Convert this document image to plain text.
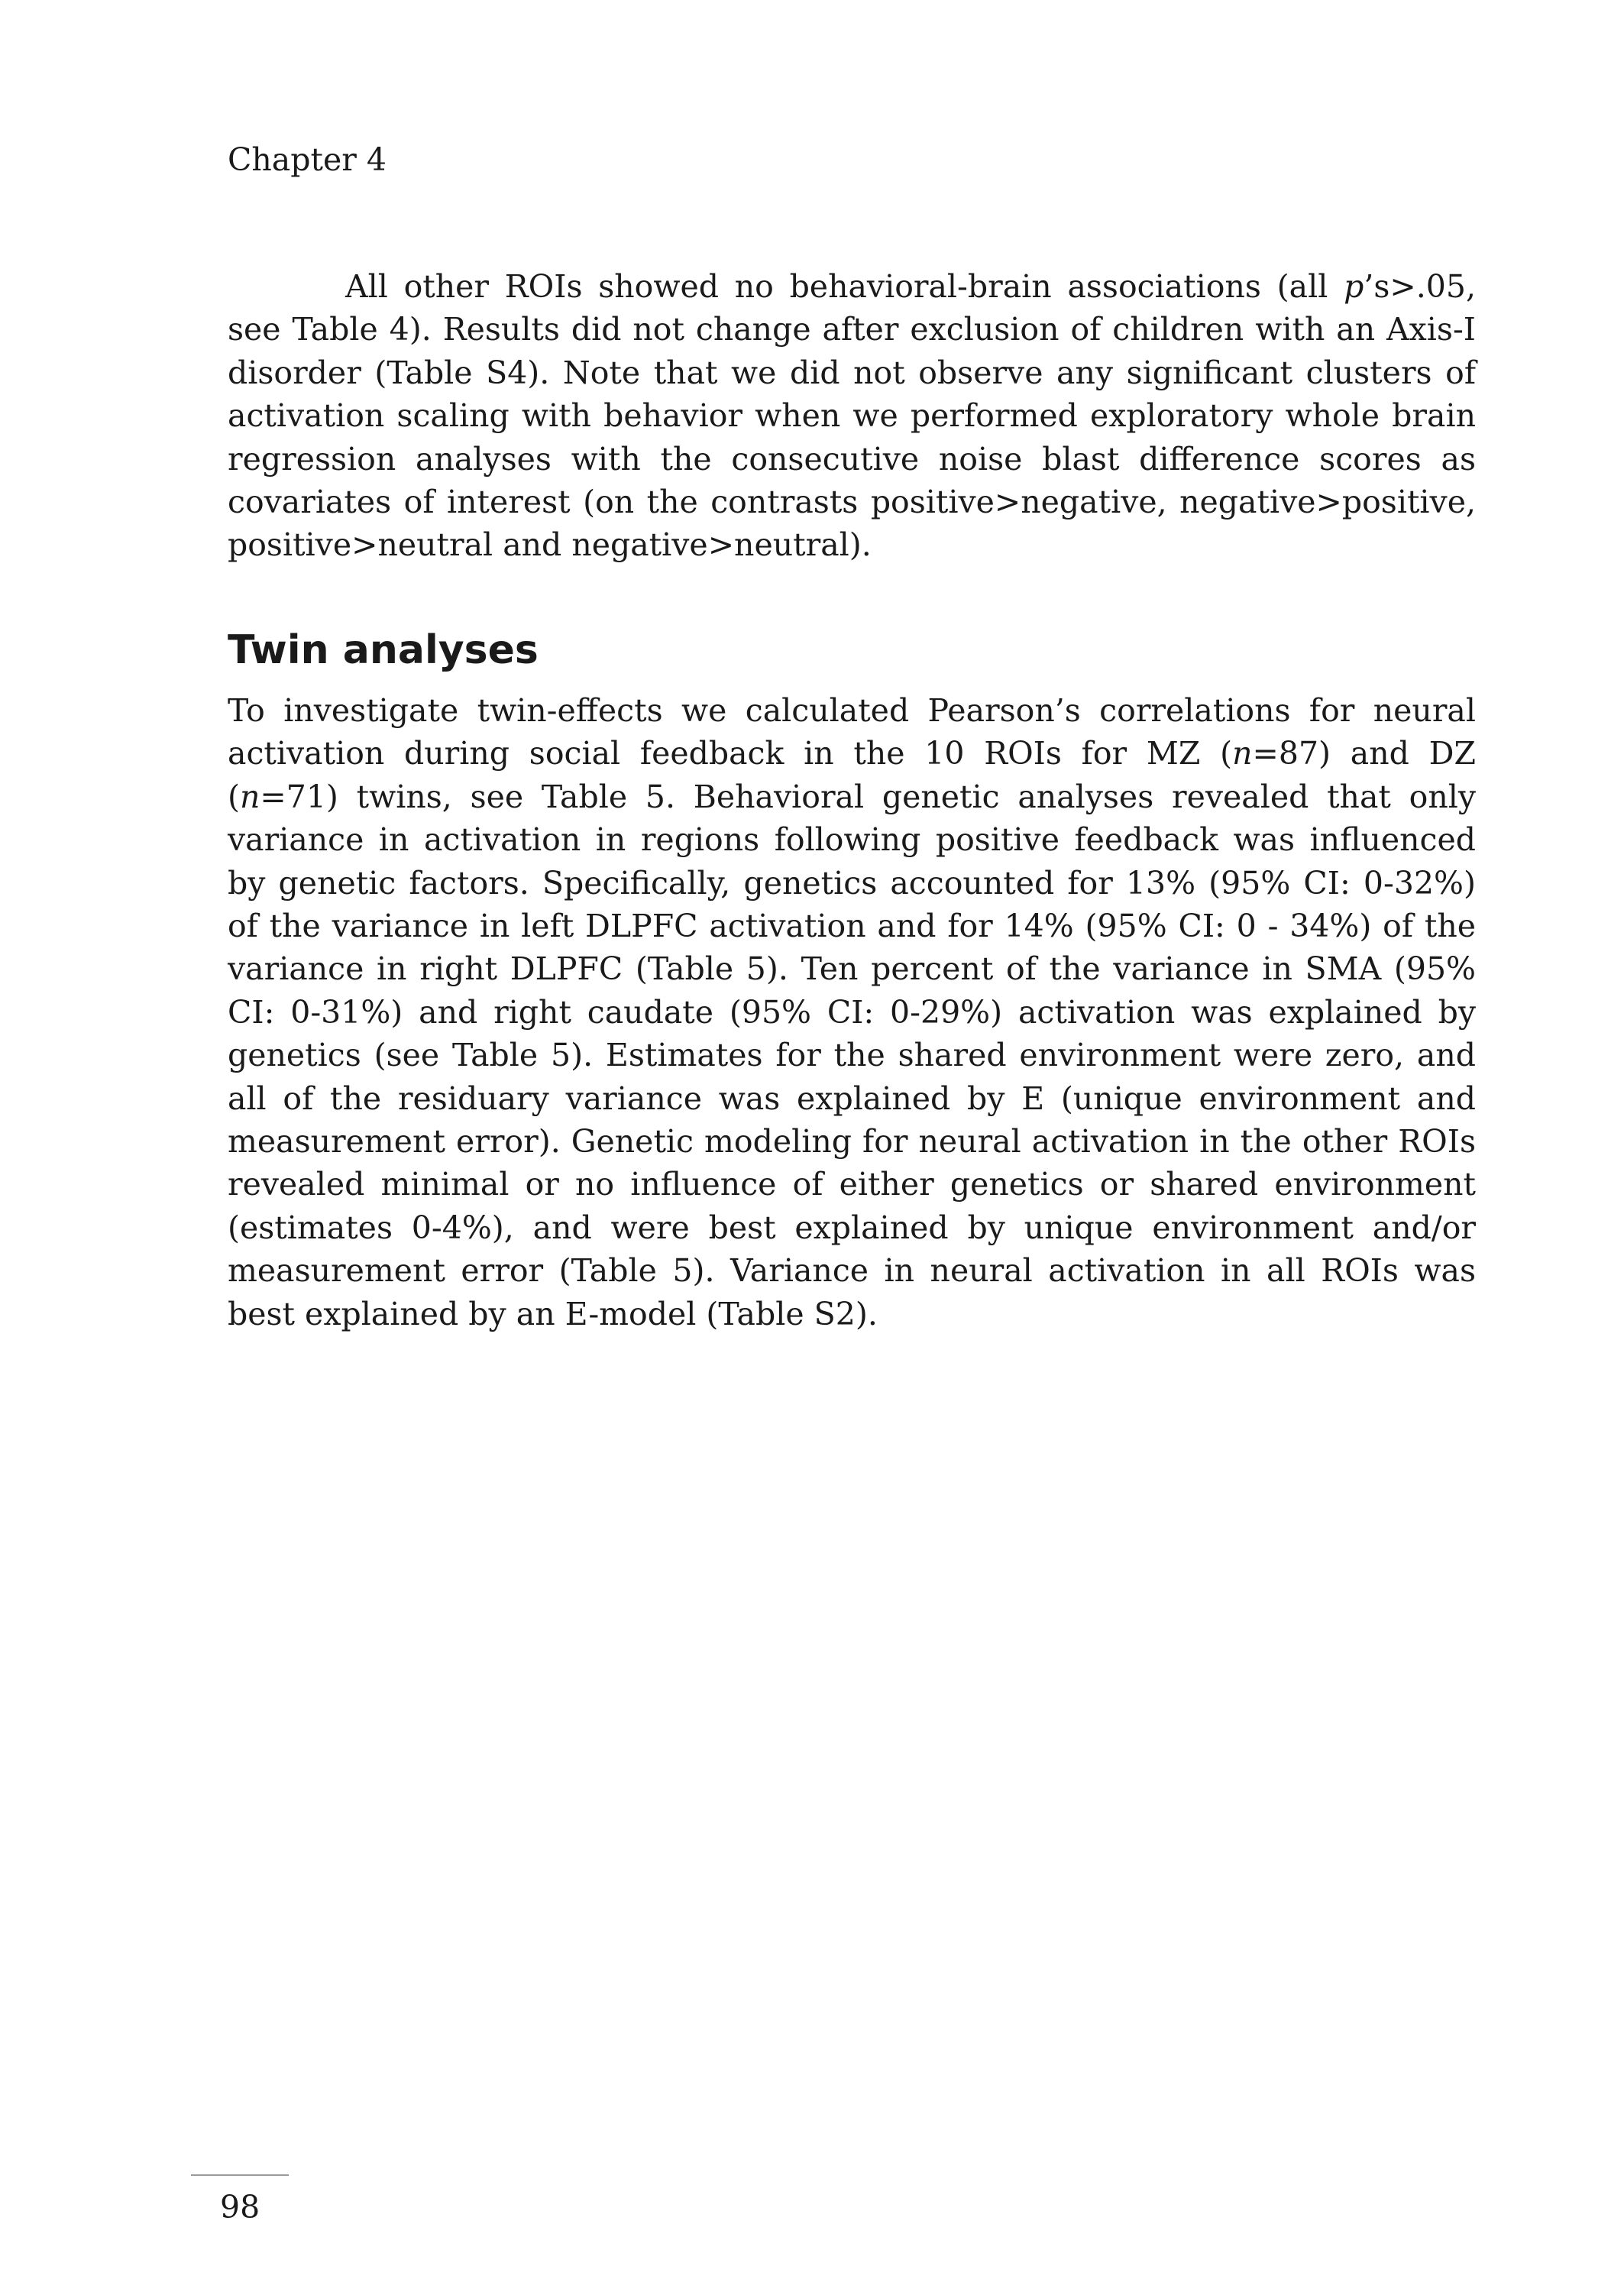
Chapter 4

All other ROIs showed no behavioral-brain associations (all p’s>.05, see Table 4). Results did not change after exclusion of children with an Axis-I disorder (Table S4). Note that we did not observe any significant clusters of activation scaling with behavior when we performed exploratory whole brain regression analyses with the consecutive noise blast difference scores as covariates of interest (on the contrasts positive>negative, negative>positive, positive>neutral and negative>neutral).

Twin analyses

To investigate twin-effects we calculated Pearson’s correlations for neural activation during social feedback in the 10 ROIs for MZ (n=87) and DZ (n=71) twins, see Table 5. Behavioral genetic analyses revealed that only variance in activation in regions following positive feedback was influenced by genetic factors. Specifically, genetics accounted for 13% (95% CI: 0-32%) of the variance in left DLPFC activation and for 14% (95% CI: 0 - 34%) of the variance in right DLPFC (Table 5). Ten percent of the variance in SMA (95% CI: 0-31%) and right caudate (95% CI: 0-29%) activation was explained by genetics (see Table 5). Estimates for the shared environment were zero, and all of the residuary variance was explained by E (unique environment and measurement error). Genetic modeling for neural activation in the other ROIs revealed minimal or no influence of either genetics or shared environment (estimates 0-4%), and were best explained by unique environment and/or measurement error (Table 5). Variance in neural activation in all ROIs was best explained by an E-model (Table S2).

98
